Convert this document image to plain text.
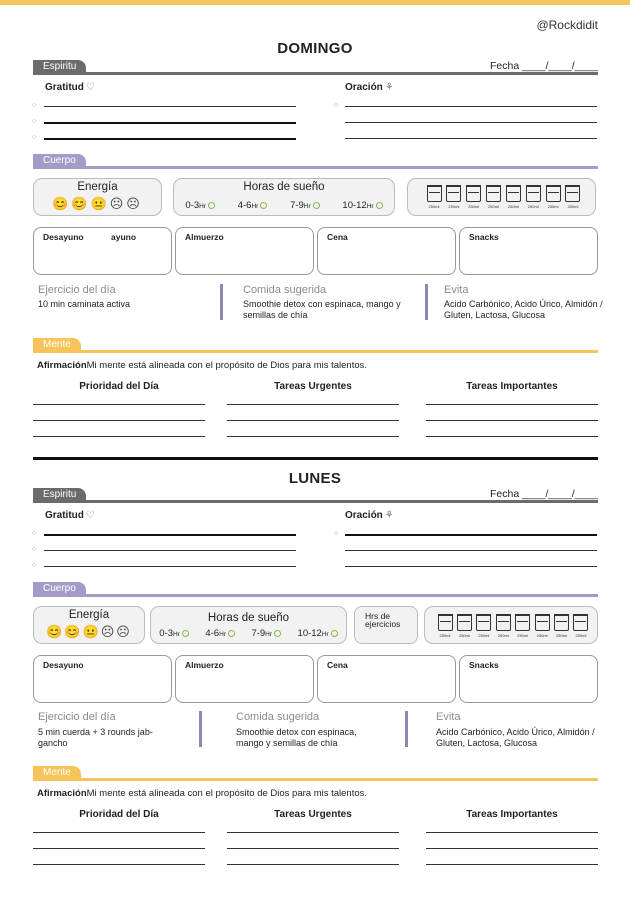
@Rockdidit
DOMINGO
Espiritu	Fecha ____/____/____
Gratitud ♡	Oración ⚘
○
○
○
○
Cuerpo
Energía
😊😊😐☹☹
Horas de sueño
0-3Hr	4-6Hr	7-9Hr	10-12Hr	250ml	250ml	250ml	250ml	250ml	250ml	250ml	250ml
Desayuno	ayuno	Almuerzo	Cena	Snacks
Ejercicio del día
10 min caminata activa
Comida sugerida
Smoothie detox con espinaca, mango y semillas de chía
Evita
Acido Carbónico, Acido Úrico, Almidón / Gluten, Lactosa, Glucosa
Mente
AfirmaciónMi mente está alineada con el propósito de Dios para mis talentos.
Prioridad del Día	Tareas Urgentes	Tareas Importantes
LUNES
Espiritu	Fecha ____/____/____
Gratitud ♡	Oración ⚘
○
○
○
○
Cuerpo
Energía
😊😊😐☹☹
Horas de sueño
0-3Hr	4-6Hr	7-9Hr	10-12Hr
Hrs de ejercicios
250ml	250ml	250ml	250ml	250ml	250ml	250ml	250ml
Desayuno	Almuerzo	Cena	Snacks
Ejercicio del día
5 min cuerda + 3 rounds jab-gancho
Comida sugerida
Smoothie detox con espinaca, mango y semillas de chía
Evita
Acido Carbónico, Acido Úrico, Almidón / Gluten, Lactosa, Glucosa
Mente
AfirmaciónMi mente está alineada con el propósito de Dios para mis talentos.
Prioridad del Día	Tareas Urgentes	Tareas Importantes
